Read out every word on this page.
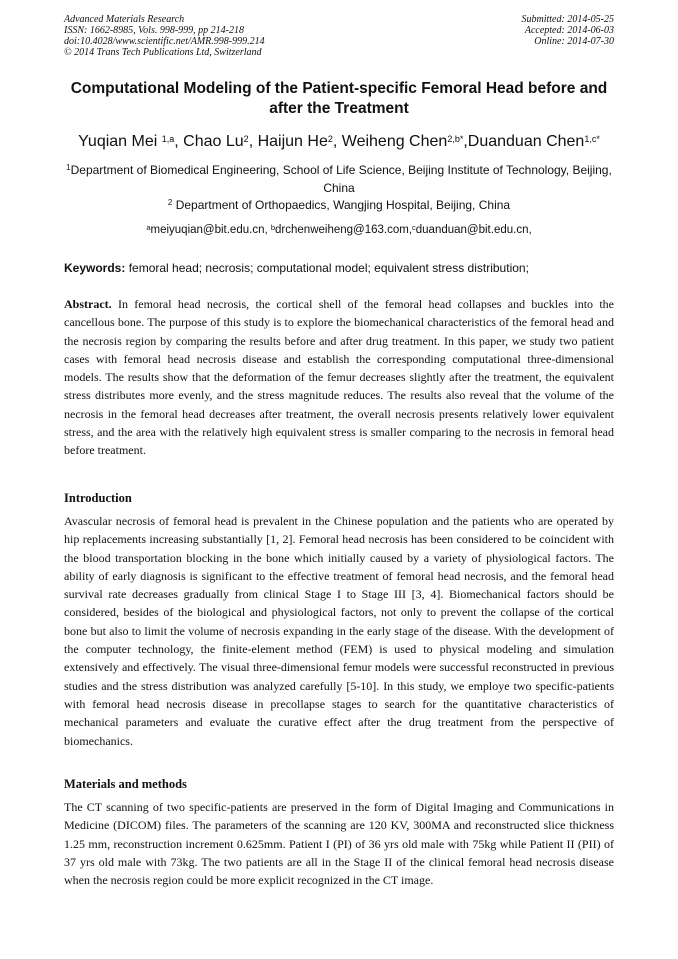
Advanced Materials Research
ISSN: 1662-8985, Vols. 998-999, pp 214-218
doi:10.4028/www.scientific.net/AMR.998-999.214
© 2014 Trans Tech Publications Ltd, Switzerland
Submitted: 2014-05-25
Accepted: 2014-06-03
Online: 2014-07-30
Computational Modeling of the Patient-specific Femoral Head before and after the Treatment
Yuqian Mei $^{1,a}$, Chao Lu$^2$, Haijun He$^2$, Weiheng Chen$^{2,b*}$,Duanduan Chen$^{1,c*}$
$^1$Department of Biomedical Engineering, School of Life Science, Beijing Institute of Technology, Beijing, China
$^2$ Department of Orthopaedics, Wangjing Hospital, Beijing, China
$^a$meiyuqian@bit.edu.cn, $^b$drchenweiheng@163.com,$^c$duanduan@bit.edu.cn,
Keywords: femoral head; necrosis; computational model; equivalent stress distribution;
Abstract. In femoral head necrosis, the cortical shell of the femoral head collapses and buckles into the cancellous bone. The purpose of this study is to explore the biomechanical characteristics of the femoral head and the necrosis region by comparing the results before and after drug treatment. In this paper, we study two patient cases with femoral head necrosis disease and establish the corresponding computational three-dimensional models. The results show that the deformation of the femur decreases slightly after the treatment, the equivalent stress distributes more evenly, and the stress magnitude reduces. The results also reveal that the volume of the necrosis in the femoral head decreases after treatment, the overall necrosis presents relatively lower equivalent stress, and the area with the relatively high equivalent stress is smaller comparing to the necrosis in femoral head before treatment.
Introduction
Avascular necrosis of femoral head is prevalent in the Chinese population and the patients who are operated by hip replacements increasing substantially [1, 2]. Femoral head necrosis has been considered to be coincident with the blood transportation blocking in the bone which initially caused by a variety of physiological factors. The ability of early diagnosis is significant to the effective treatment of femoral head necrosis, and the femoral head survival rate decreases gradually from clinical Stage I to Stage III [3, 4]. Biomechanical factors should be considered, besides of the biological and physiological factors, not only to prevent the collapse of the cortical bone but also to limit the volume of necrosis expanding in the early stage of the disease. With the development of the computer technology, the finite-element method (FEM) is used to physical modeling and simulation extensively and effectively. The visual three-dimensional femur models were successful reconstructed in previous studies and the stress distribution was analyzed carefully [5-10]. In this study, we employe two specific-patients with femoral head necrosis disease in precollapse stages to search for the quantitative characteristics of mechanical parameters and evaluate the curative effect after the drug treatment from the perspective of biomechanics.
Materials and methods
The CT scanning of two specific-patients are preserved in the form of Digital Imaging and Communications in Medicine (DICOM) files. The parameters of the scanning are 120 KV, 300MA and reconstructed slice thickness 1.25 mm, reconstruction increment 0.625mm. Patient I (PI) of 36 yrs old male with 75kg while Patient II (PII) of 37 yrs old male with 73kg. The two patients are all in the Stage II of the clinical femoral head necrosis disease when the necrosis region could be more explicit recognized in the CT image.
